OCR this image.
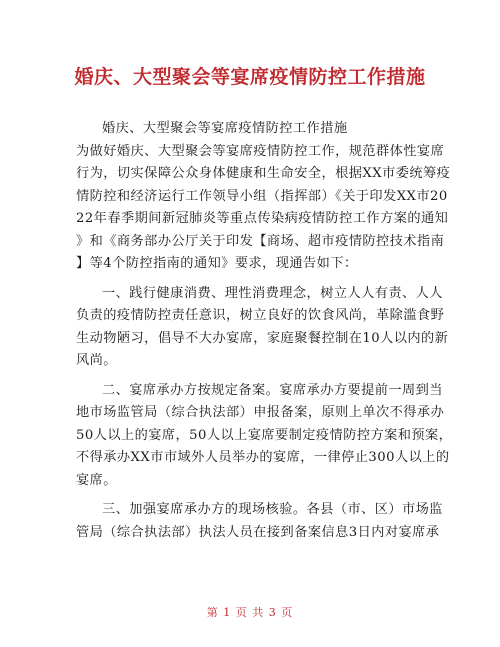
婚庆、大型聚会等宴席疫情防控工作措施
婚庆、大型聚会等宴席疫情防控工作措施
为做好婚庆、大型聚会等宴席疫情防控工作，规范群体性宴席
行为，切实保障公众身体健康和生命安全，根据XX市委统筹疫
情防控和经济运行工作领导小组（指挥部）《关于印发XX市20
22年春季期间新冠肺炎等重点传染病疫情防控工作方案的通知
》和《商务部办公厅关于印发【商场、超市疫情防控技术指南
】等4个防控指南的通知》要求，现通告如下：
一、践行健康消费、理性消费理念，树立人人有责、人人
负责的疫情防控责任意识，树立良好的饮食风尚，革除滥食野
生动物陋习，倡导不大办宴席，家庭聚餐控制在10人以内的新
风尚。
二、宴席承办方按规定备案。宴席承办方要提前一周到当
地市场监管局（综合执法部）申报备案，原则上单次不得承办
50人以上的宴席，50人以上宴席要制定疫情防控方案和预案，
不得承办XX市市域外人员举办的宴席，一律停止300人以上的
宴席。
三、加强宴席承办方的现场核验。各县（市、区）市场监
管局（综合执法部）执法人员在接到备案信息3日内对宴席承
第 1 页 共 3 页
